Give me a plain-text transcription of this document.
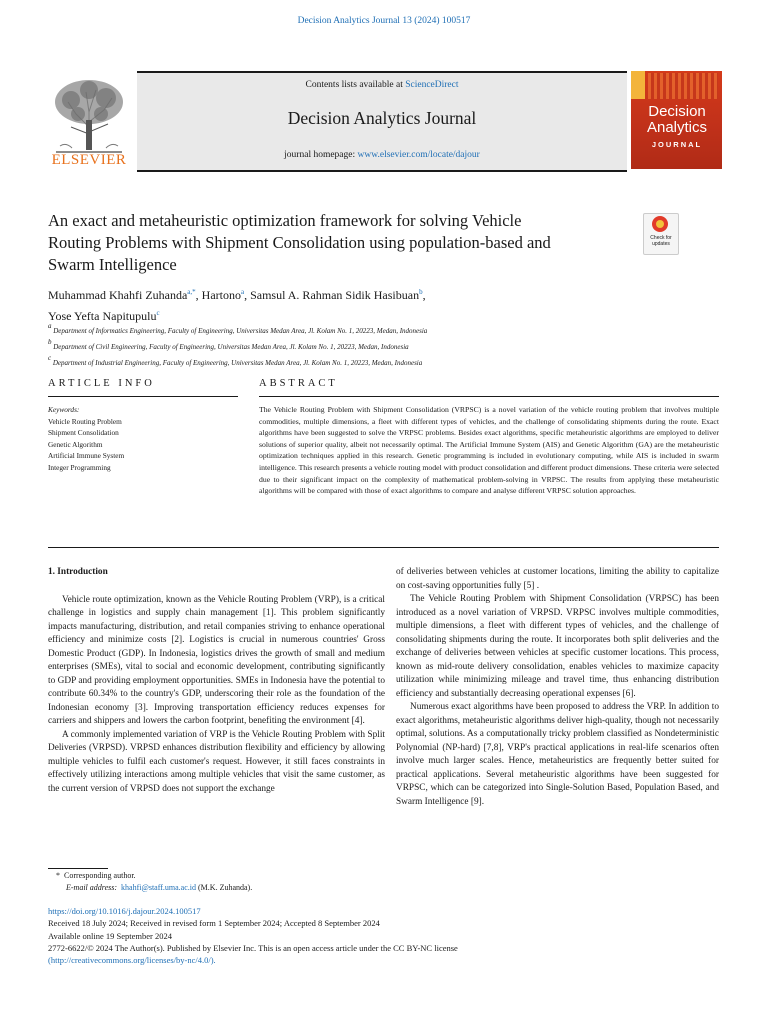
Decision Analytics Journal 13 (2024) 100517
Contents lists available at ScienceDirect
Decision Analytics Journal
journal homepage: www.elsevier.com/locate/dajour
ELSEVIER
Decision
Analytics
JOURNAL
An exact and metaheuristic optimization framework for solving Vehicle
Routing Problems with Shipment Consolidation using population-based and
Swarm Intelligence
Check for updates
Muhammad Khahfi Zuhanda$^{a,*}$, Hartono$^a$, Samsul A. Rahman Sidik Hasibuan$^b$,
Yose Yefta Napitupulu$^c$
$^a$ Department of Informatics Engineering, Faculty of Engineering, Universitas Medan Area, Jl. Kolam No. 1, 20223, Medan, Indonesia
$^b$ Department of Civil Engineering, Faculty of Engineering, Universitas Medan Area, Jl. Kolam No. 1, 20223, Medan, Indonesia
$^c$ Department of Industrial Engineering, Faculty of Engineering, Universitas Medan Area, Jl. Kolam No. 1, 20223, Medan, Indonesia
ARTICLE INFO	ABSTRACT
Keywords:
Vehicle Routing Problem
Shipment Consolidation
Genetic Algorithm
Artificial Immune System
Integer Programming
The Vehicle Routing Problem with Shipment Consolidation (VRPSC) is a novel variation of the vehicle routing problem that involves multiple commodities, multiple dimensions, a fleet with different types of vehicles, and the challenge of consolidating shipments during the route. Exact algorithms have been suggested to solve the VRPSC problems. Besides exact algorithms, specific metaheuristic algorithms are employed to deliver solutions of superior quality, albeit not necessarily optimal. The Artificial Immune System (AIS) and Genetic Algorithm (GA) are the metaheuristic optimization techniques applied in this research. Genetic programming is included in evolutionary computing, while AIS is included in swarm intelligence. This research presents a vehicle routing model with product consolidation and different product dimensions. These criteria were selected due to their significant impact on the complexity of mathematical problem-solving in VRPSC. The results from applying these metaheuristic algorithms will be compared with those of exact algorithms to compare and analyse different VRPSC solution approaches.

1. Introduction

Vehicle route optimization, known as the Vehicle Routing Problem (VRP), is a critical challenge in logistics and supply chain management [1]. This problem significantly impacts manufacturing, distribution, and retail companies striving to enhance operational efficiency and minimize costs [2]. Logistics is crucial in numerous countries' Gross Domestic Product (GDP). In Indonesia, logistics drives the growth of small and medium enterprises (SMEs), vital to social and economic development, contributing significantly to GDP and providing employment opportunities. SMEs in Indonesia have the potential to contribute 60.34% to the country's GDP, underscoring their role as the foundation of the Indonesian economy [3]. Improving transportation efficiency reduces expenses for carriers and shippers and lowers the carbon footprint, benefiting the environment [4].

A commonly implemented variation of VRP is the Vehicle Routing Problem with Split Deliveries (VRPSD). VRPSD enhances distribution flexibility and efficiency by allowing multiple vehicles to fulfil each customer's request. However, it still faces constraints in effectively utilizing interactions among multiple vehicles that visit the same customer, as the current version of VRPSD does not support the exchange

of deliveries between vehicles at customer locations, limiting the ability to capitalize on cost-saving opportunities fully [5] .

The Vehicle Routing Problem with Shipment Consolidation (VRPSC) has been introduced as a novel variation of VRPSD. VRPSC involves multiple commodities, multiple dimensions, a fleet with different types of vehicles, and the challenge of consolidating shipments during the route. It incorporates both split deliveries and the exchange of deliveries between vehicles at specific customer locations. This process, known as mid-route delivery consolidation, enables vehicles to maximize capacity utilization while minimizing mileage and travel time, thus enhancing distribution efficiency and substantially decreasing operational expenses [6].

Numerous exact algorithms have been proposed to address the VRP. In addition to exact algorithms, metaheuristic algorithms deliver high-quality, though not necessarily optimal, solutions. As a computationally tricky problem classified as Nondeterministic Polynomial (NP-hard) [7,8], VRP's practical applications in real-life scenarios often involve much larger scales. Hence, metaheuristics are frequently better suited for practical applications. Several metaheuristic algorithms have been suggested for VRPSC, which can be categorized into Single-Solution Based, Population Based, and Swarm Intelligence [9].

* Corresponding author.
E-mail address: khahfi@staff.uma.ac.id (M.K. Zuhanda).
https://doi.org/10.1016/j.dajour.2024.100517
Received 18 July 2024; Received in revised form 1 September 2024; Accepted 8 September 2024
Available online 19 September 2024
2772-6622/© 2024 The Author(s). Published by Elsevier Inc. This is an open access article under the CC BY-NC license
(http://creativecommons.org/licenses/by-nc/4.0/).
